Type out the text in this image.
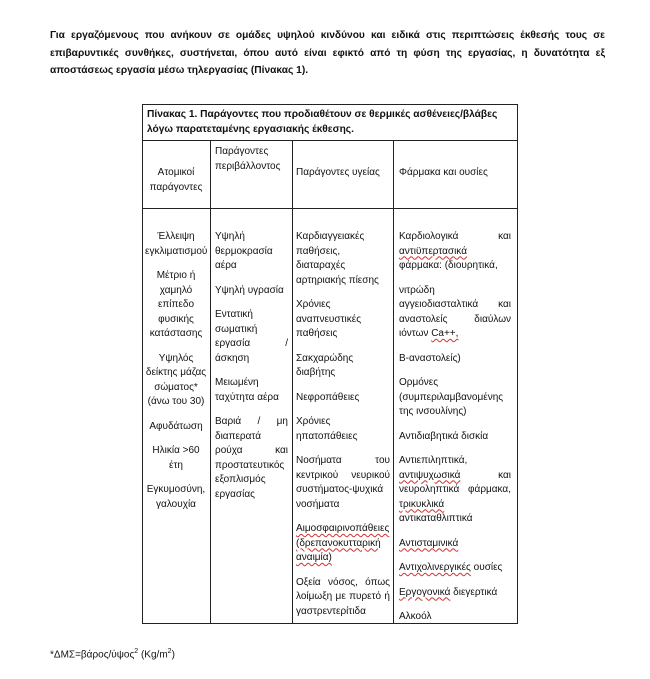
Για εργαζόμενους που ανήκουν σε ομάδες υψηλού κινδύνου και ειδικά στις περιπτώσεις έκθεσής τους σε επιβαρυντικές συνθήκες, συστήνεται, όπου αυτό είναι εφικτό από τη φύση της εργασίας, η δυνατότητα εξ αποστάσεως εργασία μέσω τηλεργασίας (Πίνακας 1).

Πίνακας 1. Παράγοντες που προδιαθέτουν σε θερμικές ασθένειες/βλάβες λόγω παρατεταμένης εργασιακής έκθεσης.

Ατομικοί παράγοντες
Παράγοντες περιβάλλοντος
Παράγοντες υγείας	Φάρμακα και ουσίες

Έλλειψη εγκλιματισμού

Μέτριο ή χαμηλό επίπεδο φυσικής κατάστασης

Υψηλός δείκτης μάζας σώματος* (άνω του 30)

Αφυδάτωση

Ηλικία >60 έτη

Εγκυμοσύνη, γαλουχία

Υψηλή θερμοκρασία αέρα

Υψηλή υγρασία

Εντατική σωματική εργασία / άσκηση

Μειωμένη ταχύτητα αέρα

Βαριά / μη διαπερατά ρούχα και προστατευτικός εξοπλισμός εργασίας

Καρδιαγγειακές παθήσεις, διαταραχές αρτηριακής πίεσης

Χρόνιες αναπνευστικές παθήσεις

Σακχαρώδης διαβήτης

Νεφροπάθειες

Χρόνιες ηπατοπάθειες

Νοσήματα του κεντρικού νευρικού συστήματος-ψυχικά νοσήματα

Αιμοσφαιρινοπάθειες (δρεπανοκυτταρική αναιμία)

Οξεία νόσος, όπως λοίμωξη με πυρετό ή γαστρεντερίτιδα

Καρδιολογικά και
αντιϋπερτασικά
φάρμακα: (διουρητικά,

νιτρώδη αγγειοδιασταλτικά και αναστολείς διαύλων ιόντων Ca++,

Β-αναστολείς)

Ορμόνες (συμπεριλαμβανομένης της ινσουλίνης)

Αντιδιαβητικά δισκία

Αντιεπιληπτικά, αντιψυχωσικά	και νευροληπτικά φάρμακα, τρικυκλικά αντικαταθλιπτικά

Αντισταμινικά

Αντιχολινεργικές ουσίες

Εργογονικά διεγερτικά

Αλκοόλ

*ΔΜΣ=βάρος/ύψος$^2$ $(Kg/m^2)$
